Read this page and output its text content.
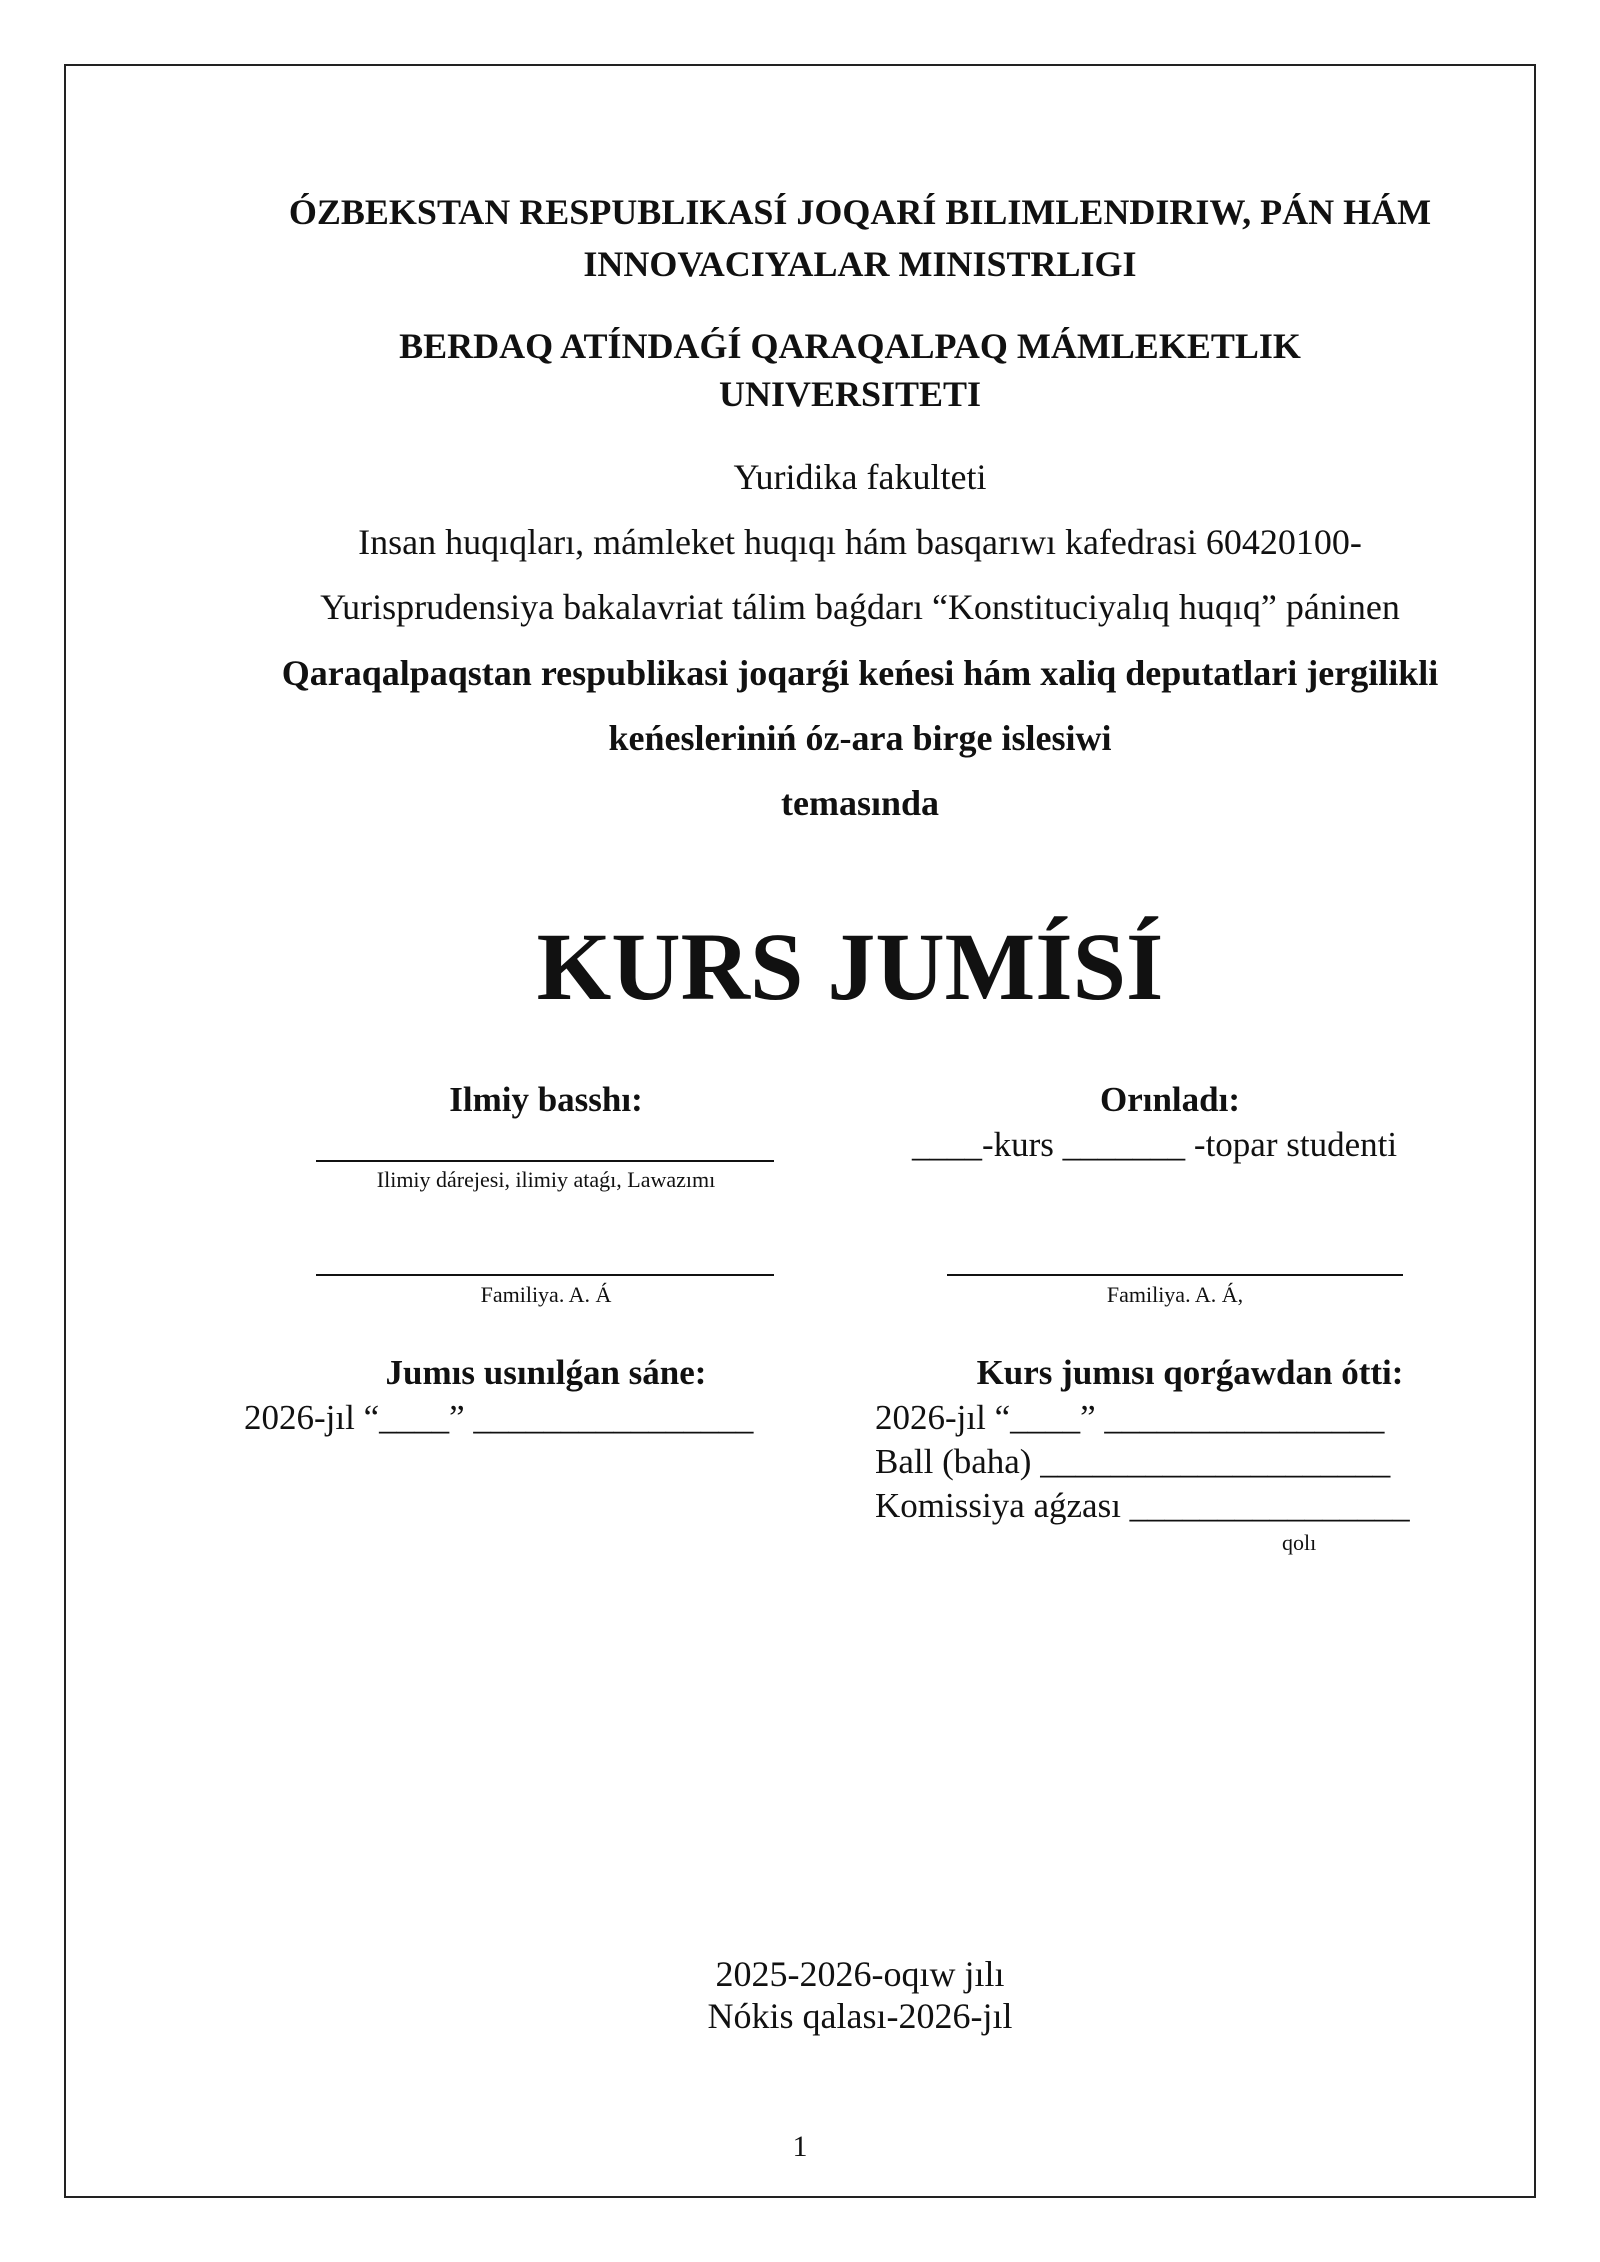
ÓZBEKSTAN RESPUBLIKASÍ JOQARÍ BILIMLENDIRIW, PÁN HÁM
INNOVACIYALAR MINISTRLIGI
BERDAQ ATÍNDAǴÍ QARAQALPAQ MÁMLEKETLIK
UNIVERSITETI
Yuridika fakulteti
Insan huqıqları, mámleket huqıqı hám basqarıwı kafedrasi 60420100-
Yurisprudensiya bakalavriat tálim baǵdarı “Konstituciyalıq huqıq” páninen
Qaraqalpaqstan respublikasi joqarǵi keńesi hám xaliq deputatlari jergilikli
keńesleriniń óz-ara birge islesiwi
temasında
KURS JUMÍSÍ
Ilmiy basshı:
Ilimiy dárejesi, ilimiy ataǵı, Lawazımı
Familiya. A. Á
Orınladı:
____-kurs _______ -topar studenti
Familiya. A. Á,
Jumıs usınılǵan sáne:
2026-jıl “____” ________________
Kurs jumısı qorǵawdan ótti:
2026-jıl “____” ________________
Ball (baha) ____________________
Komissiya aǵzası ________________
qolı
2025-2026-oqıw jılı
Nókis qalası-2026-jıl
1
